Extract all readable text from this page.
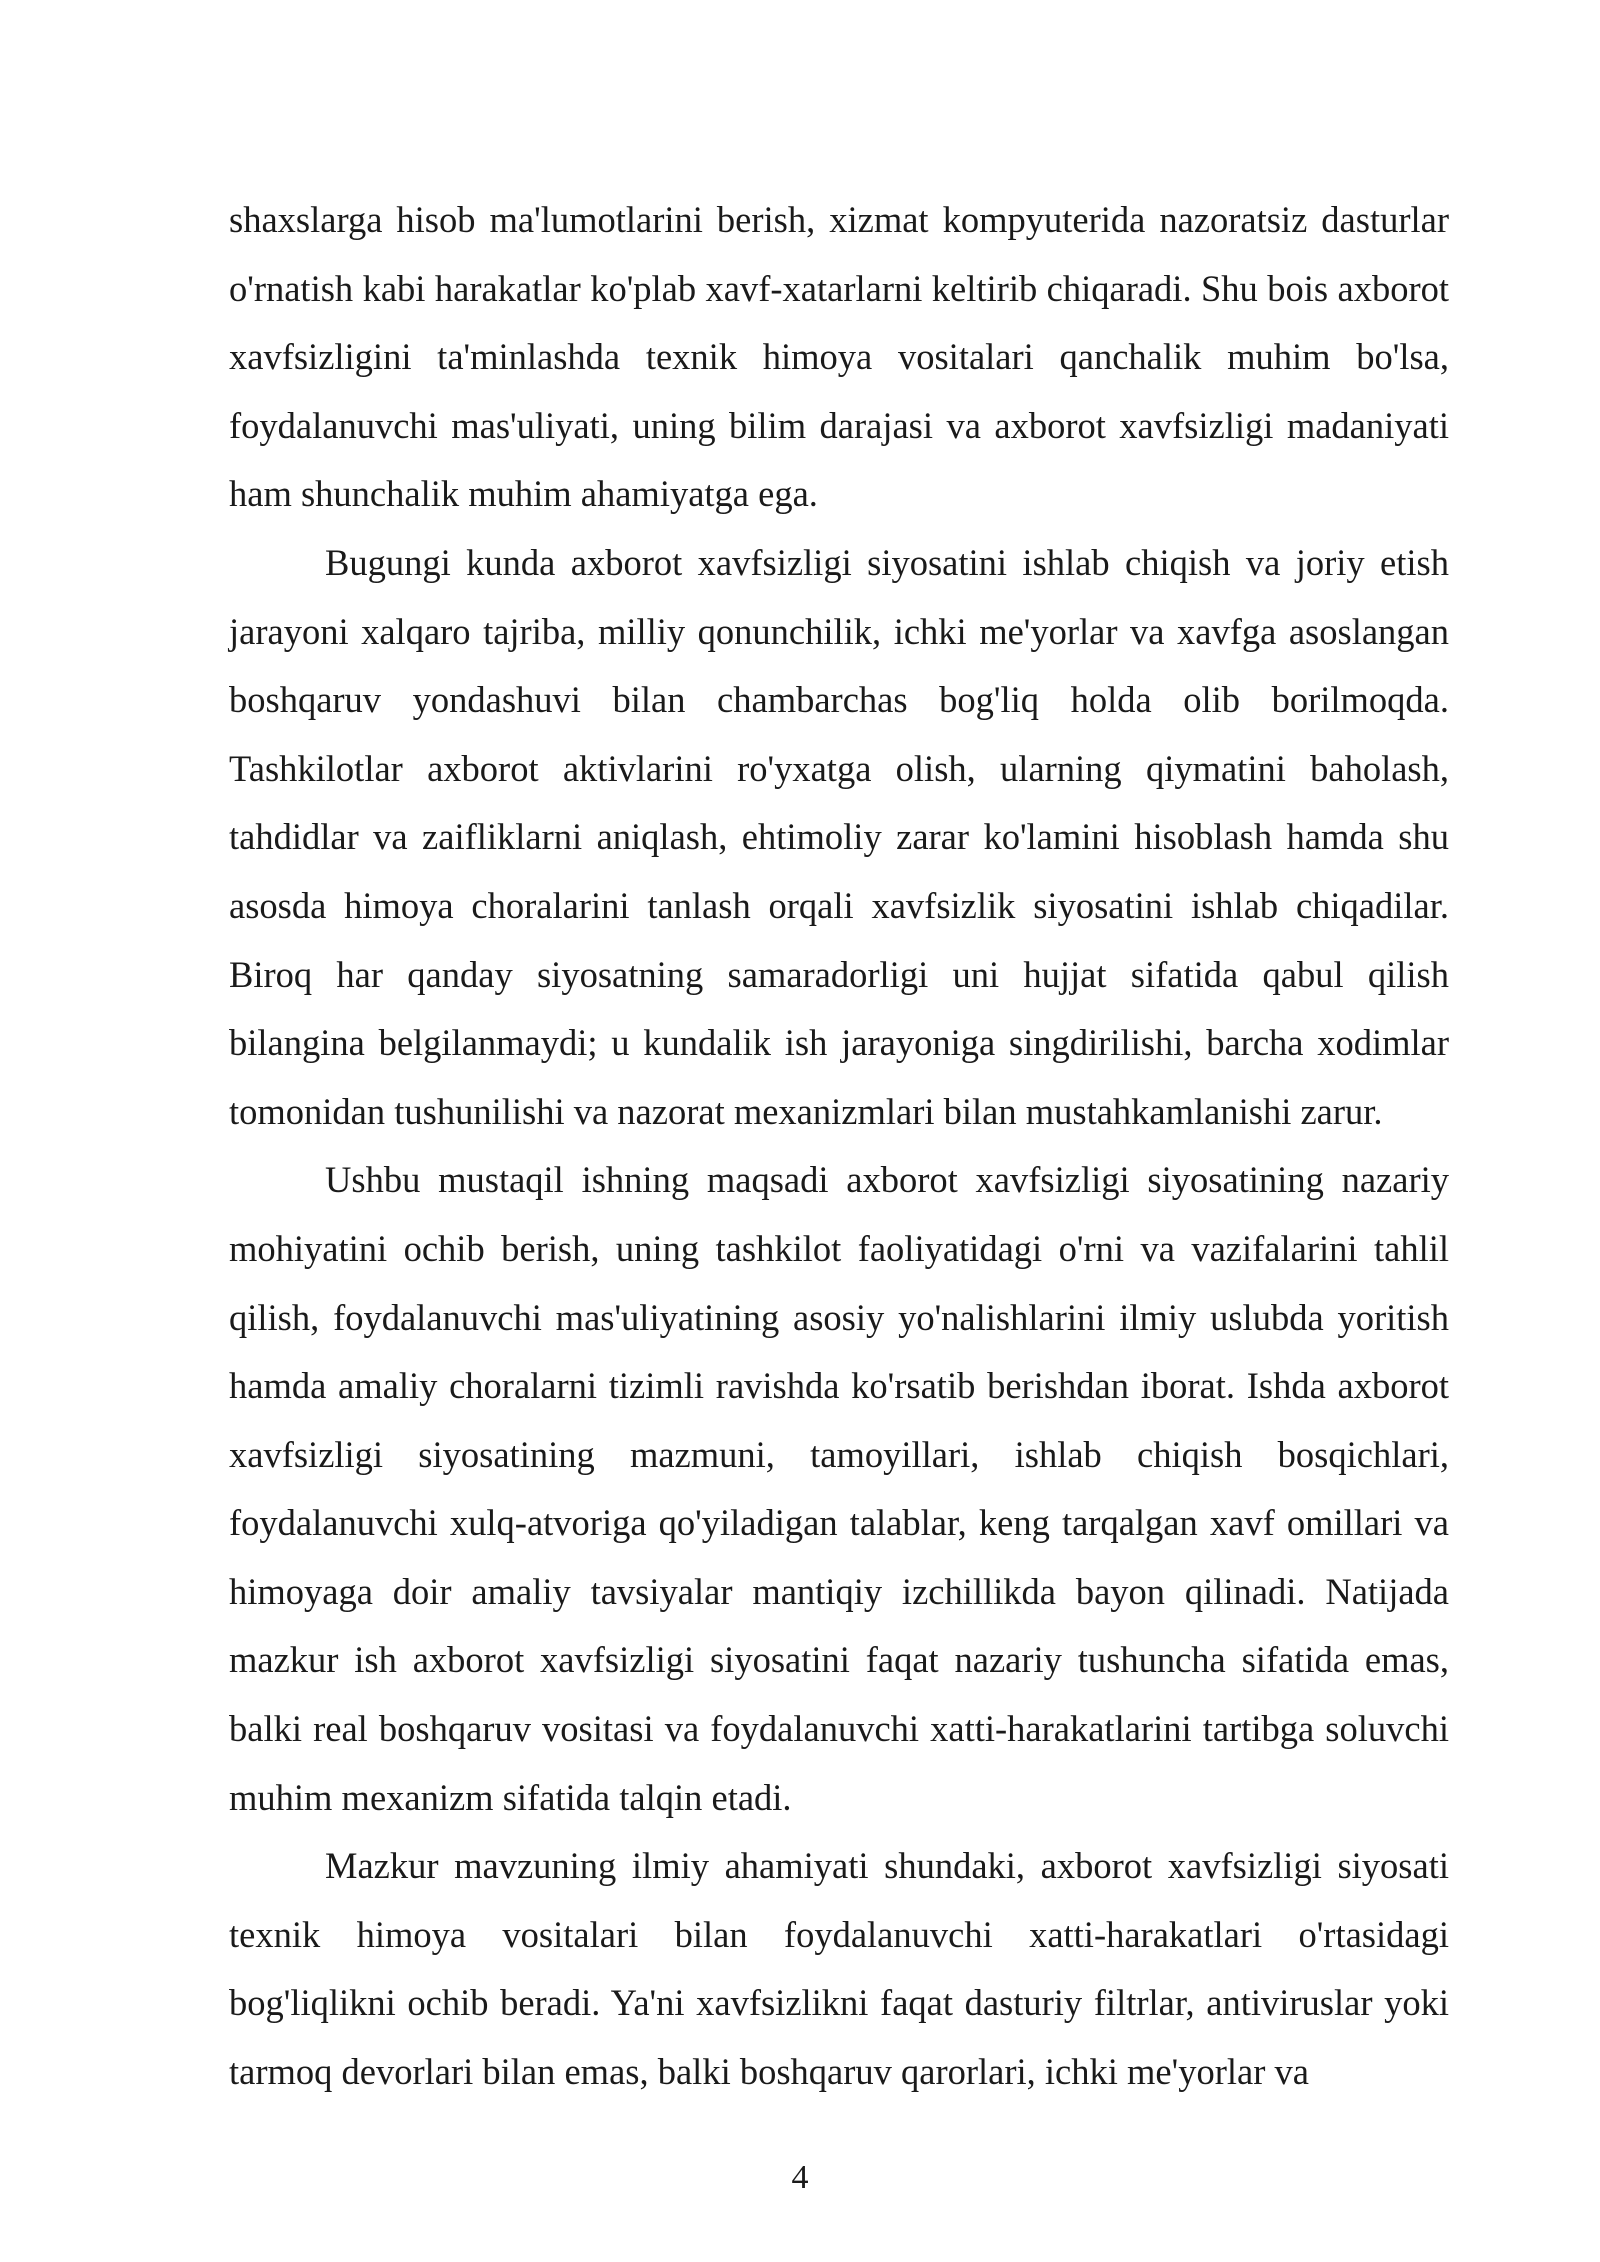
shaxslarga hisob ma'lumotlarini berish, xizmat kompyuterida nazoratsiz dasturlar o'rnatish kabi harakatlar ko'plab xavf-xatarlarni keltirib chiqaradi. Shu bois axborot xavfsizligini ta'minlashda texnik himoya vositalari qanchalik muhim bo'lsa, foydalanuvchi mas'uliyati, uning bilim darajasi va axborot xavfsizligi madaniyati ham shunchalik muhim ahamiyatga ega.

Bugungi kunda axborot xavfsizligi siyosatini ishlab chiqish va joriy etish jarayoni xalqaro tajriba, milliy qonunchilik, ichki me'yorlar va xavfga asoslangan boshqaruv yondashuvi bilan chambarchas bog'liq holda olib borilmoqda. Tashkilotlar axborot aktivlarini ro'yxatga olish, ularning qiymatini baholash, tahdidlar va zaifliklarni aniqlash, ehtimoliy zarar ko'lamini hisoblash hamda shu asosda himoya choralarini tanlash orqali xavfsizlik siyosatini ishlab chiqadilar. Biroq har qanday siyosatning samaradorligi uni hujjat sifatida qabul qilish bilangina belgilanmaydi; u kundalik ish jarayoniga singdirilishi, barcha xodimlar tomonidan tushunilishi va nazorat mexanizmlari bilan mustahkamlanishi zarur.

Ushbu mustaqil ishning maqsadi axborot xavfsizligi siyosatining nazariy mohiyatini ochib berish, uning tashkilot faoliyatidagi o'rni va vazifalarini tahlil qilish, foydalanuvchi mas'uliyatining asosiy yo'nalishlarini ilmiy uslubda yoritish hamda amaliy choralarni tizimli ravishda ko'rsatib berishdan iborat. Ishda axborot xavfsizligi siyosatining mazmuni, tamoyillari, ishlab chiqish bosqichlari, foydalanuvchi xulq-atvoriga qo'yiladigan talablar, keng tarqalgan xavf omillari va himoyaga doir amaliy tavsiyalar mantiqiy izchillikda bayon qilinadi. Natijada mazkur ish axborot xavfsizligi siyosatini faqat nazariy tushuncha sifatida emas, balki real boshqaruv vositasi va foydalanuvchi xatti-harakatlarini tartibga soluvchi muhim mexanizm sifatida talqin etadi.

Mazkur mavzuning ilmiy ahamiyati shundaki, axborot xavfsizligi siyosati texnik himoya vositalari bilan foydalanuvchi xatti-harakatlari o'rtasidagi bog'liqlikni ochib beradi. Ya'ni xavfsizlikni faqat dasturiy filtrlar, antiviruslar yoki tarmoq devorlari bilan emas, balki boshqaruv qarorlari, ichki me'yorlar va

4
